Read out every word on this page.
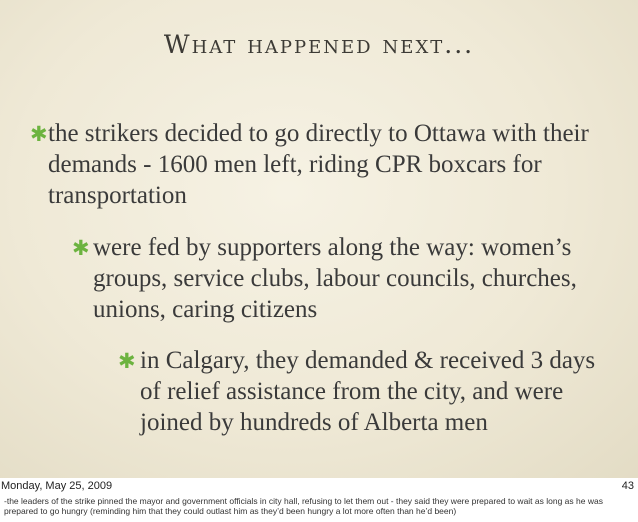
What happened next...
✱ the strikers decided to go directly to Ottawa with their demands - 1600 men left, riding CPR boxcars for transportation
✱ were fed by supporters along the way: women’s groups, service clubs, labour councils, churches, unions, caring citizens
✱ in Calgary, they demanded & received 3 days of relief assistance from the city, and were joined by hundreds of Alberta men
Monday, May 25, 2009	43
-the leaders of the strike pinned the mayor and government officials in city hall, refusing to let them out - they said they were prepared to wait as long as he was prepared to go hungry (reminding him that they could outlast him as they’d been hungry a lot more often than he’d been)
